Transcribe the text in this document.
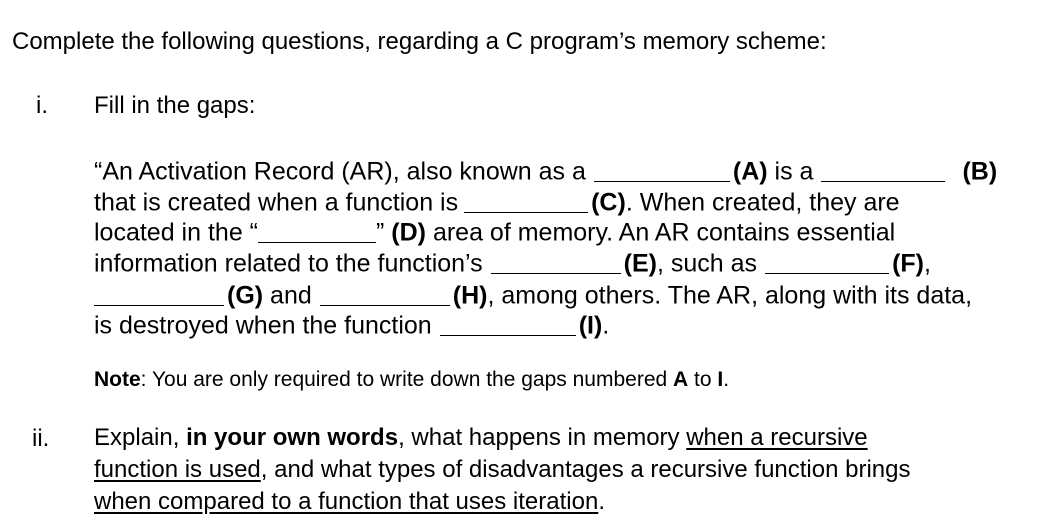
Complete the following questions, regarding a C program’s memory scheme:
i. Fill in the gaps:
“An Activation Record (AR), also known as a	(A) is a	(B)
that is created when a function is	(C). When created, they are
located in the “	” (D) area of memory. An AR contains essential
information related to the function’s	(E), such as	(F),
(G) and	(H), among others. The AR, along with its data,
is destroyed when the function	(I).
Note: You are only required to write down the gaps numbered A to I.
ii. Explain, in your own words, what happens in memory when a recursive
function is used, and what types of disadvantages a recursive function brings
when compared to a function that uses iteration.
